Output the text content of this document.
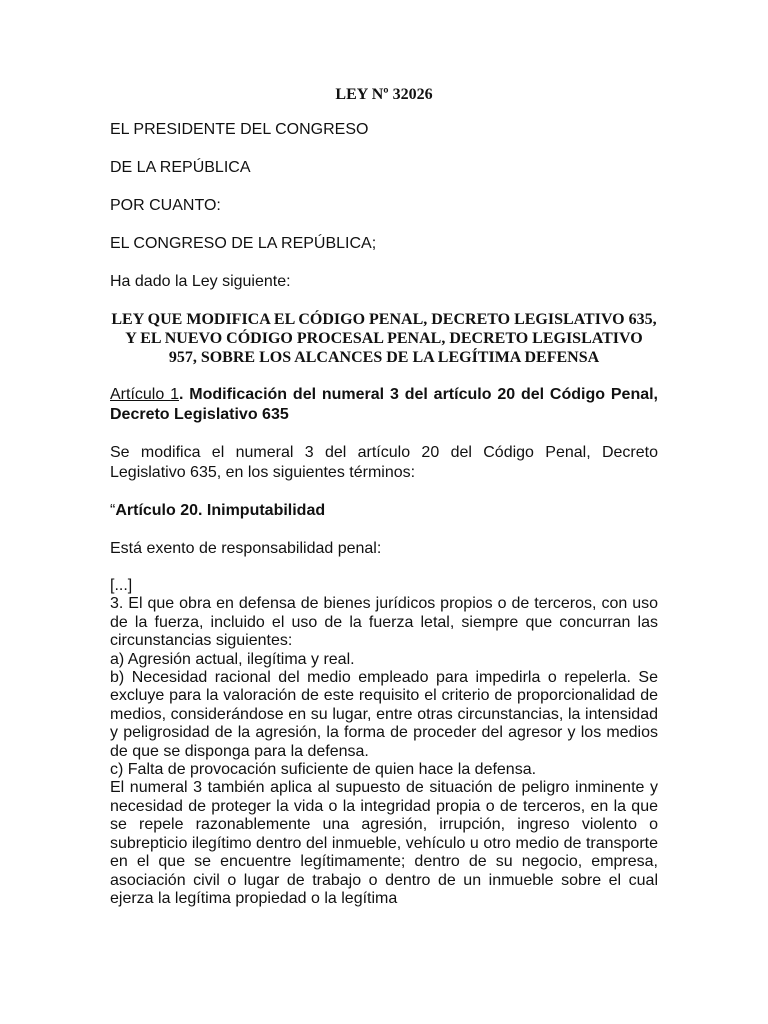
LEY Nº 32026
EL PRESIDENTE DEL CONGRESO
DE LA REPÚBLICA
POR CUANTO:
EL CONGRESO DE LA REPÚBLICA;
Ha dado la Ley siguiente:
LEY QUE MODIFICA EL CÓDIGO PENAL, DECRETO LEGISLATIVO 635, Y EL NUEVO CÓDIGO PROCESAL PENAL, DECRETO LEGISLATIVO 957, SOBRE LOS ALCANCES DE LA LEGÍTIMA DEFENSA
Artículo 1. Modificación del numeral 3 del artículo 20 del Código Penal, Decreto Legislativo 635
Se modifica el numeral 3 del artículo 20 del Código Penal, Decreto Legislativo 635, en los siguientes términos:
“Artículo 20. Inimputabilidad
Está exento de responsabilidad penal:
[...]
3. El que obra en defensa de bienes jurídicos propios o de terceros, con uso de la fuerza, incluido el uso de la fuerza letal, siempre que concurran las circunstancias siguientes:
a) Agresión actual, ilegítima y real.
b) Necesidad racional del medio empleado para impedirla o repelerla. Se excluye para la valoración de este requisito el criterio de proporcionalidad de medios, considerándose en su lugar, entre otras circunstancias, la intensidad y peligrosidad de la agresión, la forma de proceder del agresor y los medios de que se disponga para la defensa.
c) Falta de provocación suficiente de quien hace la defensa.
El numeral 3 también aplica al supuesto de situación de peligro inminente y necesidad de proteger la vida o la integridad propia o de terceros, en la que se repele razonablemente una agresión, irrupción, ingreso violento o subrepticio ilegítimo dentro del inmueble, vehículo u otro medio de transporte en el que se encuentre legítimamente; dentro de su negocio, empresa, asociación civil o lugar de trabajo o dentro de un inmueble sobre el cual ejerza la legítima propiedad o la legítima
